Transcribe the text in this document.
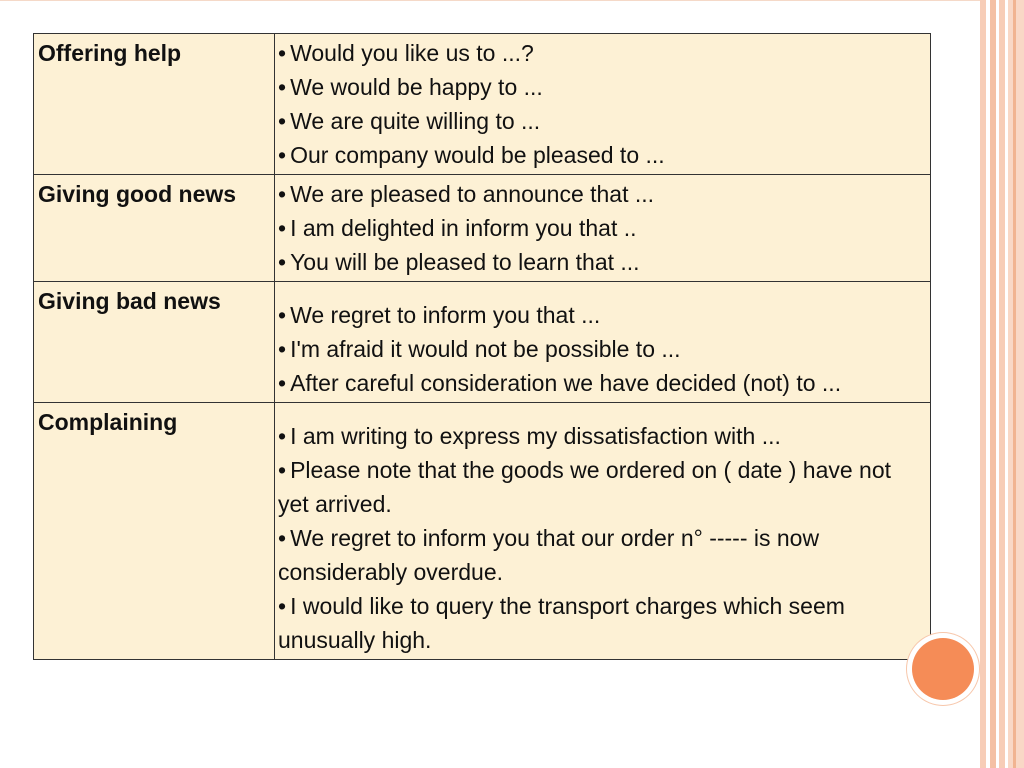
Offering help	• Would you like us to ...?
• We would be happy to ...
• We are quite willing to ...
• Our company would be pleased to ...

Giving good news	• We are pleased to announce that ...
• I am delighted in inform you that ..
• You will be pleased to learn that ...

Giving bad news	• We regret to inform you that ...
• I'm afraid it would not be possible to ...
• After careful consideration we have decided (not) to ...

Complaining	• I am writing to express my dissatisfaction with ...
• Please note that the goods we ordered on ( date ) have not yet arrived.
• We regret to inform you that our order n° ----- is now considerably overdue.
• I would like to query the transport charges which seem unusually high.
